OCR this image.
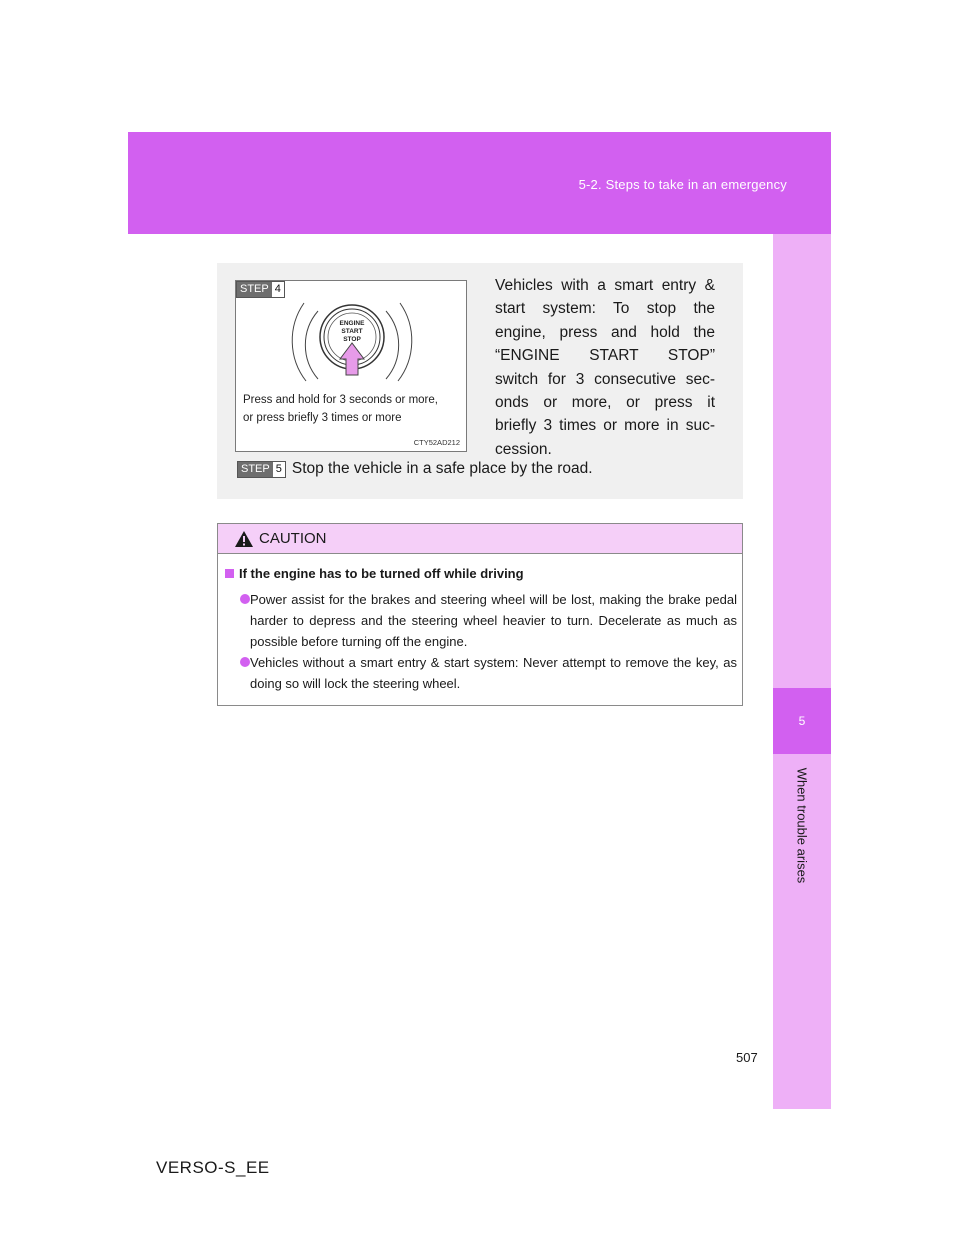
5-2. Steps to take in an emergency
5
When trouble arises
STEP 4
ENGINE
START
STOP
Press and hold for 3 seconds or more,
or press briefly 3 times or more
CTY52AD212
Vehicles with a smart entry &
start system: To stop the
engine, press and hold the
“ENGINE START STOP”
switch for 3 consecutive sec-
onds or more, or press it
briefly 3 times or more in suc-
cession.
STEP 5 Stop the vehicle in a safe place by the road.
CAUTION
If the engine has to be turned off while driving
Power assist for the brakes and steering wheel will be lost, making the brake pedal harder to depress and the steering wheel heavier to turn. Decelerate as much as possible before turning off the engine.
Vehicles without a smart entry & start system: Never attempt to remove the key, as doing so will lock the steering wheel.
507
VERSO-S_EE
